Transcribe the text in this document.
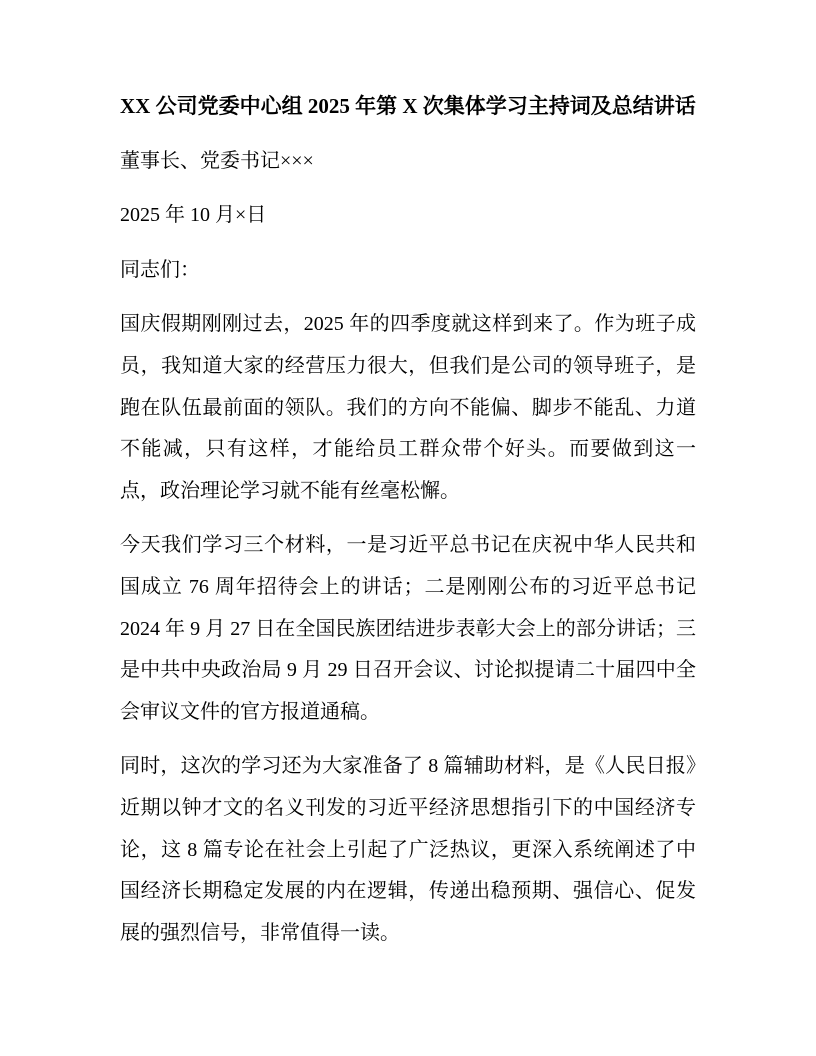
XX 公司党委中心组 2025 年第 X 次集体学习主持词及总结讲话

董事长、党委书记×××

2025 年 10 月×日

同志们：

国庆假期刚刚过去，2025 年的四季度就这样到来了。作为班子成员，我知道大家的经营压力很大，但我们是公司的领导班子，是跑在队伍最前面的领队。我们的方向不能偏、脚步不能乱、力道不能减，只有这样，才能给员工群众带个好头。而要做到这一点，政治理论学习就不能有丝毫松懈。

今天我们学习三个材料，一是习近平总书记在庆祝中华人民共和国成立 76 周年招待会上的讲话；二是刚刚公布的习近平总书记 2024 年 9 月 27 日在全国民族团结进步表彰大会上的部分讲话；三是中共中央政治局 9 月 29 日召开会议、讨论拟提请二十届四中全会审议文件的官方报道通稿。

同时，这次的学习还为大家准备了 8 篇辅助材料，是《人民日报》近期以钟才文的名义刊发的习近平经济思想指引下的中国经济专论，这 8 篇专论在社会上引起了广泛热议，更深入系统阐述了中国经济长期稳定发展的内在逻辑，传递出稳预期、强信心、促发展的强烈信号，非常值得一读。
